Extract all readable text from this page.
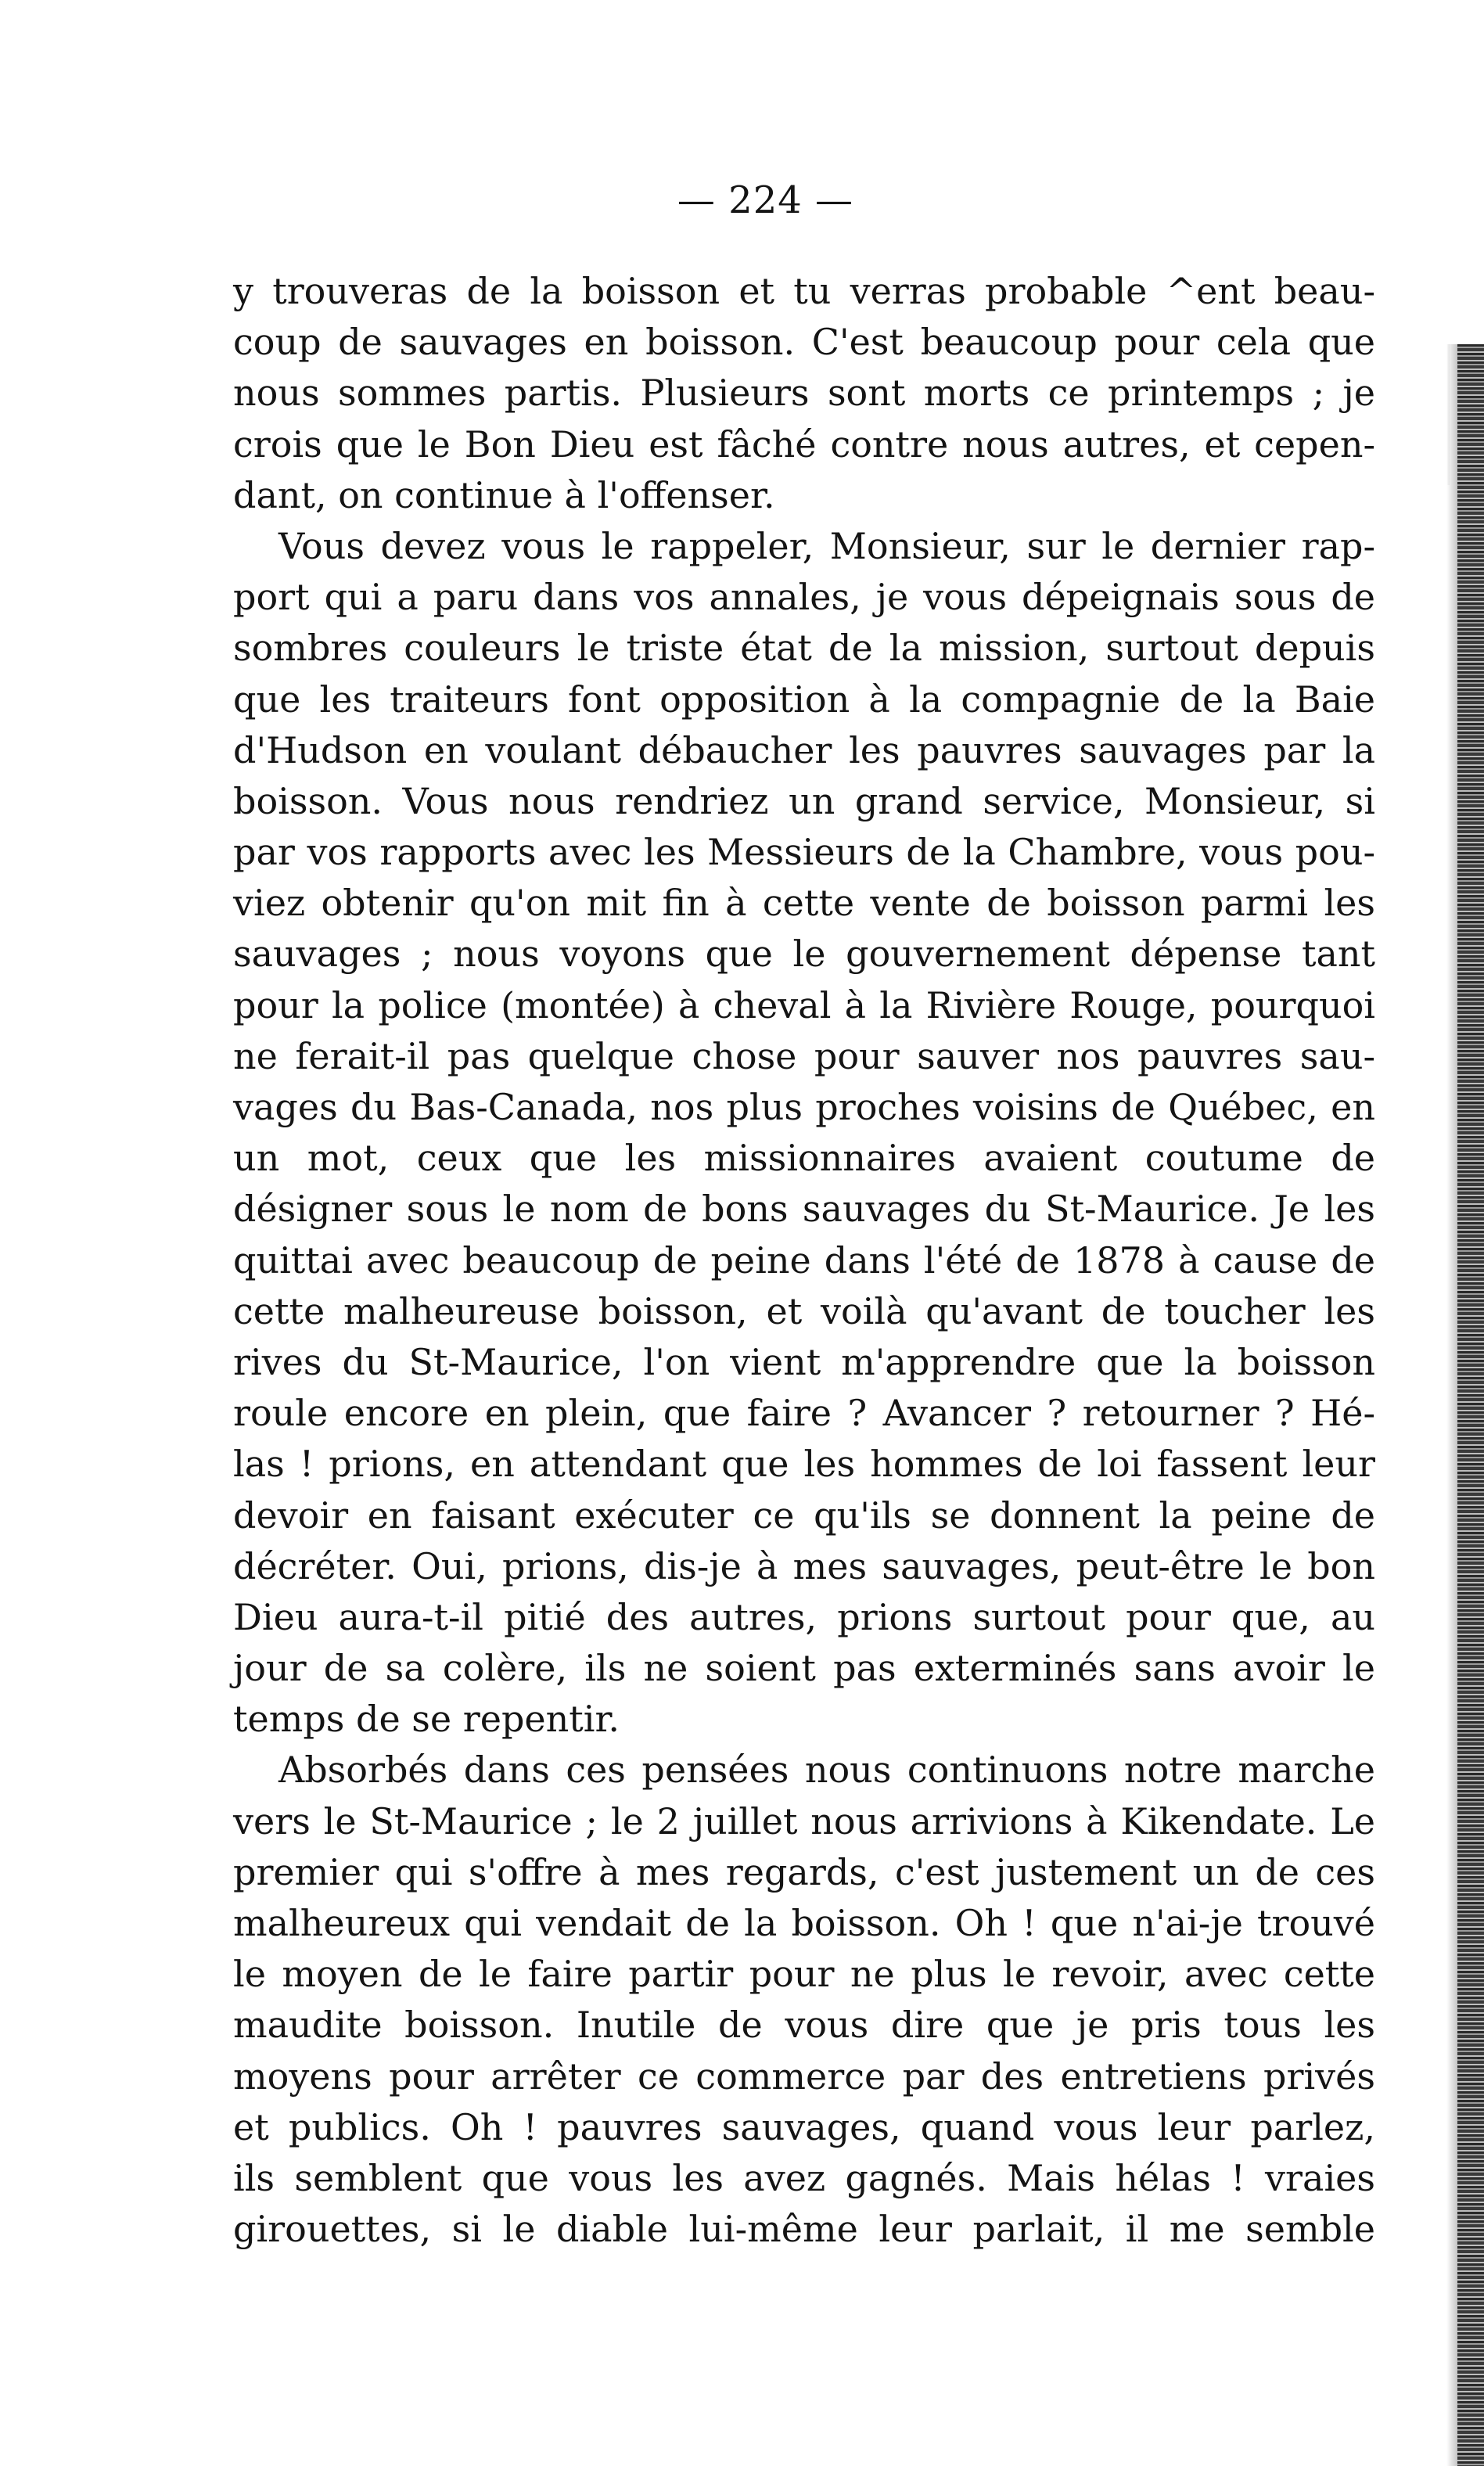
— 224 —
y trouveras de la boisson et tu verras probable ^ent beau-
coup de sauvages en boisson. C'est beaucoup pour cela que
nous sommes partis. Plusieurs sont morts ce printemps ; je
crois que le Bon Dieu est fâché contre nous autres, et cepen-
dant, on continue à l'offenser.
Vous devez vous le rappeler, Monsieur, sur le dernier rap-
port qui a paru dans vos annales, je vous dépeignais sous de
sombres couleurs le triste état de la mission, surtout depuis
que les traiteurs font opposition à la compagnie de la Baie
d'Hudson en voulant débaucher les pauvres sauvages par la
boisson. Vous nous rendriez un grand service, Monsieur, si
par vos rapports avec les Messieurs de la Chambre, vous pou-
viez obtenir qu'on mit fin à cette vente de boisson parmi les
sauvages ; nous voyons que le gouvernement dépense tant
pour la police (montée) à cheval à la Rivière Rouge, pourquoi
ne ferait-il pas quelque chose pour sauver nos pauvres sau-
vages du Bas-Canada, nos plus proches voisins de Québec, en
un mot, ceux que les missionnaires avaient coutume de
désigner sous le nom de bons sauvages du St-Maurice. Je les
quittai avec beaucoup de peine dans l'été de 1878 à cause de
cette malheureuse boisson, et voilà qu'avant de toucher les
rives du St-Maurice, l'on vient m'apprendre que la boisson
roule encore en plein, que faire ? Avancer ? retourner ? Hé-
las ! prions, en attendant que les hommes de loi fassent leur
devoir en faisant exécuter ce qu'ils se donnent la peine de
décréter. Oui, prions, dis-je à mes sauvages, peut-être le bon
Dieu aura-t-il pitié des autres, prions surtout pour que, au
jour de sa colère, ils ne soient pas exterminés sans avoir le
temps de se repentir.
Absorbés dans ces pensées nous continuons notre marche
vers le St-Maurice ; le 2 juillet nous arrivions à Kikendate. Le
premier qui s'offre à mes regards, c'est justement un de ces
malheureux qui vendait de la boisson. Oh ! que n'ai-je trouvé
le moyen de le faire partir pour ne plus le revoir, avec cette
maudite boisson. Inutile de vous dire que je pris tous les
moyens pour arrêter ce commerce par des entretiens privés
et publics. Oh ! pauvres sauvages, quand vous leur parlez,
ils semblent que vous les avez gagnés. Mais hélas ! vraies
girouettes, si le diable lui-même leur parlait, il me semble
